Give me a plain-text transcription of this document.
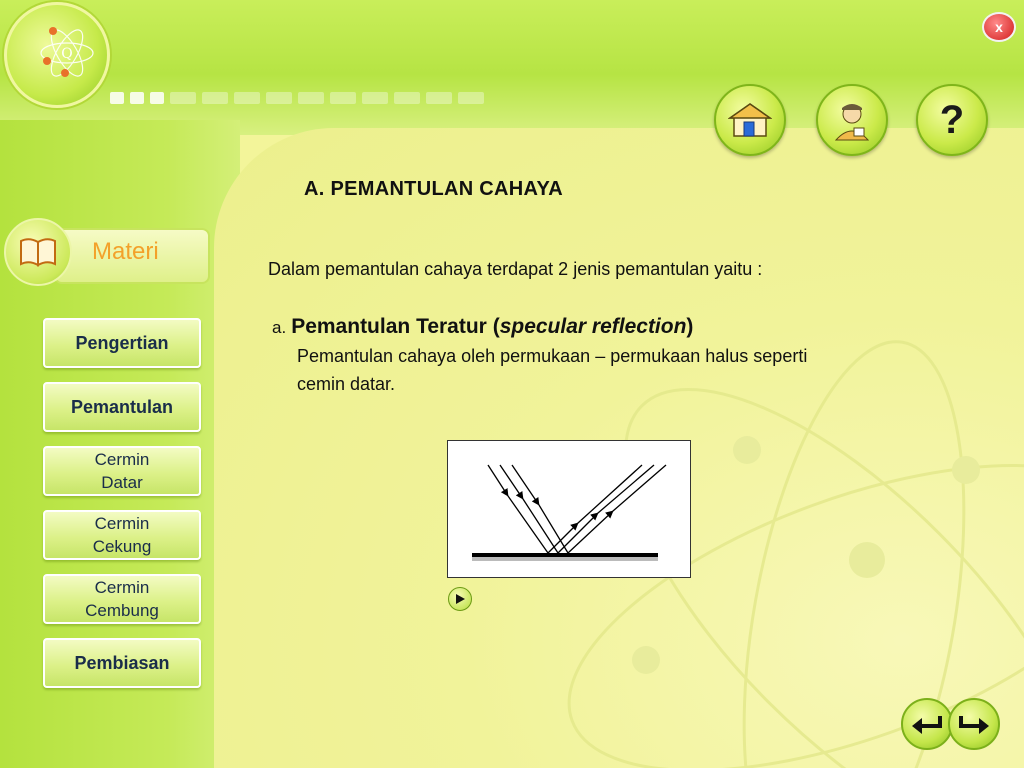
Q
x
?
Materi
Pengertian
Pemantulan
Cermin
Datar
Cermin
Cekung
Cermin
Cembung
Pembiasan
A. PEMANTULAN CAHAYA
Dalam pemantulan cahaya terdapat 2 jenis pemantulan yaitu :
a. Pemantulan Teratur (specular reflection)
Pemantulan cahaya oleh permukaan – permukaan halus seperti
cemin datar.
